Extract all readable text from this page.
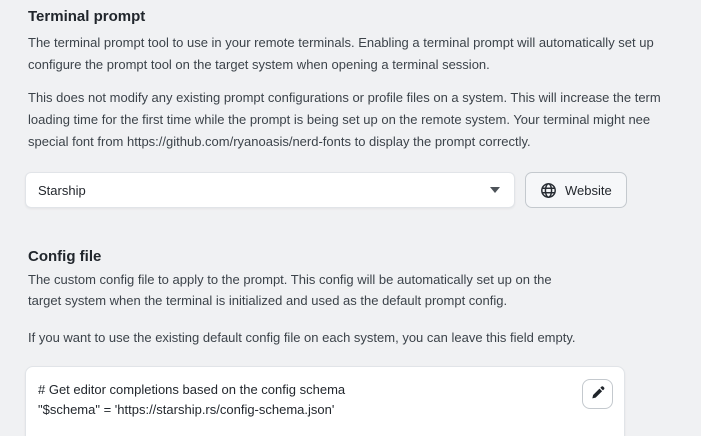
Terminal prompt
The terminal prompt tool to use in your remote terminals. Enabling a terminal prompt will automatically set up
configure the prompt tool on the target system when opening a terminal session.
This does not modify any existing prompt configurations or profile files on a system. This will increase the term
loading time for the first time while the prompt is being set up on the remote system. Your terminal might nee
special font from https://github.com/ryanoasis/nerd-fonts to display the prompt correctly.
Starship	Website
Config file
The custom config file to apply to the prompt. This config will be automatically set up on the
target system when the terminal is initialized and used as the default prompt config.
If you want to use the existing default config file on each system, you can leave this field empty.
# Get editor completions based on the config schema
"$schema" = 'https://starship.rs/config-schema.json'
